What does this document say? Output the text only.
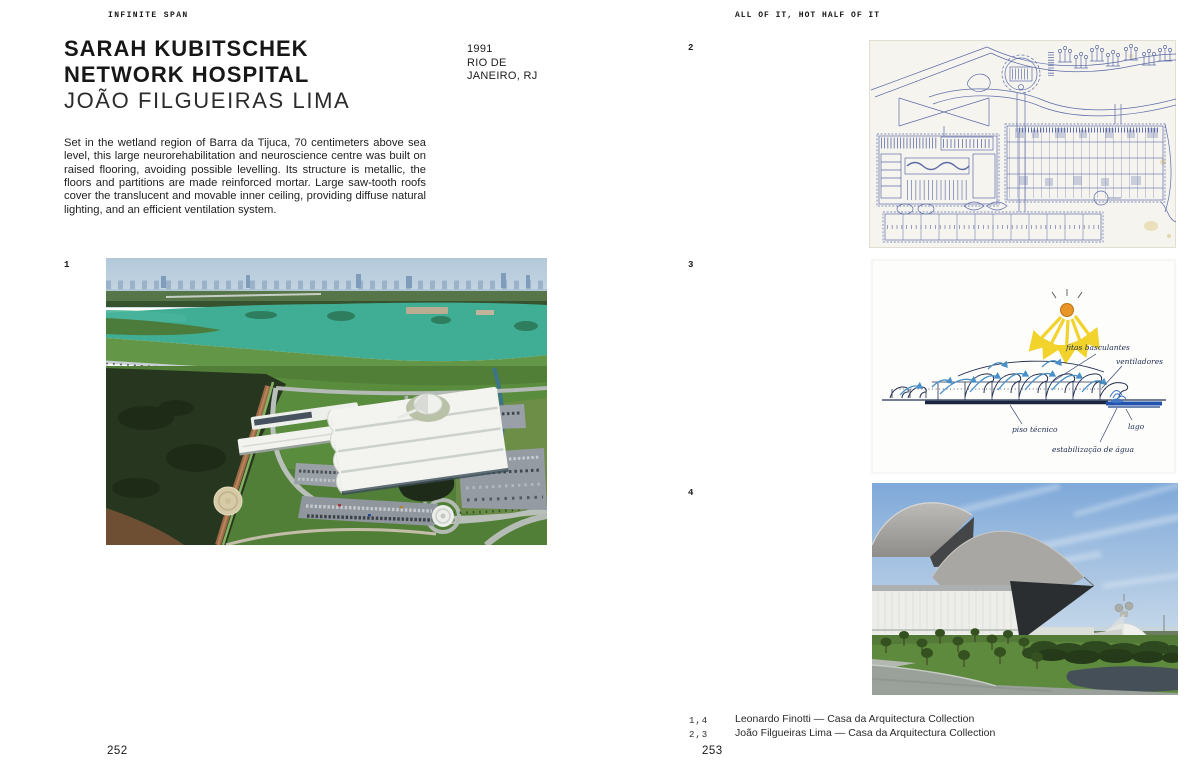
INFINITE SPAN
SARAH KUBITSCHEK
NETWORK HOSPITAL
JOÃO FILGUEIRAS LIMA
1991
RIO DE
JANEIRO, RJ

Set in the wetland region of Barra da Tijuca, 70 centimeters above sea level, this large neurorehabilitation and neuroscience centre was built on raised flooring, avoiding possible levelling. Its structure is metallic, the floors and partitions are made reinforced mortar. Large saw-tooth roofs cover the translucent and movable inner ceiling, providing diffuse natural lighting, and an efficient ventilation system.

1
252
ALL OF IT, HOT HALF OF IT
2
3
4
fitas basculantes
ventiladores
piso técnico
estabilização de água
lago
1,4	Leonardo Finotti — Casa da Arquitectura Collection
2,3	João Filgueiras Lima — Casa da Arquitectura Collection
253
